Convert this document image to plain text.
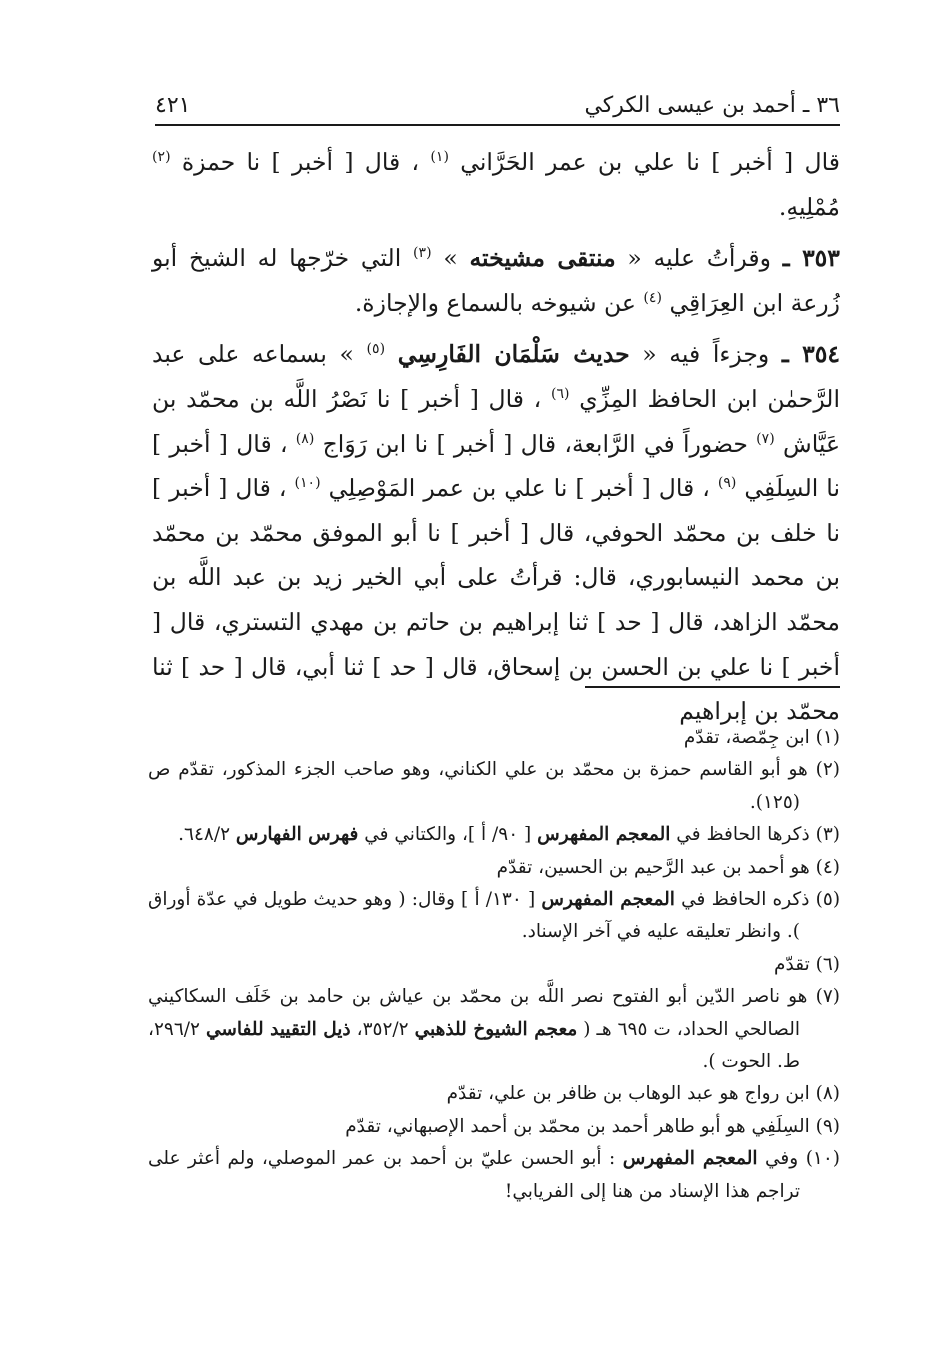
٣٦ ـ أحمد بن عيسى الكركي
٤٢١

قال [ أخبر ] نا علي بن عمر الحَرَّاني $^{(١)}$ ، قال [ أخبر ] نا حمزة $^{(٢)}$ مُمْلِيهِ.

٣٥٣ ـ وقرأتُ عليه « منتقى مشيخته » $^{(٣)}$ التي خرّجها له الشيخ أبو زُرعة ابن العِرَاقِي $^{(٤)}$ عن شيوخه بالسماع والإجازة.

٣٥٤ ـ وجزءاً فيه « حديث سَلْمَان الفَارِسِي $^{(٥)}$ » بسماعه على عبد الرَّحمٰن ابن الحافظ المِزِّي $^{(٦)}$ ، قال [ أخبر ] نا نَصْرُ اللَّه بن محمّد بن عَيَّاش $^{(٧)}$ حضوراً في الرَّابعة، قال [ أخبر ] نا ابن رَوَاج $^{(٨)}$ ، قال [ أخبر ] نا السِلَفِي $^{(٩)}$ ، قال [ أخبر ] نا علي بن عمر المَوْصِلِي $^{(١٠)}$ ، قال [ أخبر ] نا خلف بن محمّد الحوفي، قال [ أخبر ] نا أبو الموفق محمّد بن محمّد بن محمد النيسابوري، قال: قرأتُ على أبي الخير زيد بن عبد اللَّه بن محمّد الزاهد، قال [ حد ] ثنا إبراهيم بن حاتم بن مهدي التستري، قال [ أخبر ] نا علي بن الحسن بن إسحاق، قال [ حد ] ثنا أبي، قال [ حد ] ثنا محمّد بن إبراهيم

(١) ابن جِمّصة، تقدّم

(٢) هو أبو القاسم حمزة بن محمّد بن علي الكناني، وهو صاحب الجزء المذكور، تقدّم ص (١٢٥).

(٣) ذكرها الحافظ في المعجم المفهرس [ ٩٠/ أ ]، والكتاني في فهرس الفهارس ٦٤٨/٢.

(٤) هو أحمد بن عبد الرَّحيم بن الحسين، تقدّم

(٥) ذكره الحافظ في المعجم المفهرس [ ١٣٠/ أ ] وقال: ( وهو حديث طويل في عدّة أوراق ). وانظر تعليقه عليه في آخر الإسناد.

(٦) تقدّم

(٧) هو ناصر الدّين أبو الفتوح نصر اللَّه بن محمّد بن عياش بن حامد بن خَلَف السكاكيني الصالحي الحداد، ت ٦٩٥ هـ ( معجم الشيوخ للذهبي ٣٥٢/٢، ذيل التقييد للفاسي ٢٩٦/٢، ط. الحوت ).

(٨) ابن رواج هو عبد الوهاب بن ظافر بن علي، تقدّم

(٩) السِلَفِي هو أبو طاهر أحمد بن محمّد بن أحمد الإصبهاني، تقدّم

(١٠) وفي المعجم المفهرس : أبو الحسن عليّ بن أحمد بن عمر الموصلي، ولم أعثر على تراجم هذا الإسناد من هنا إلى الفريابي!
